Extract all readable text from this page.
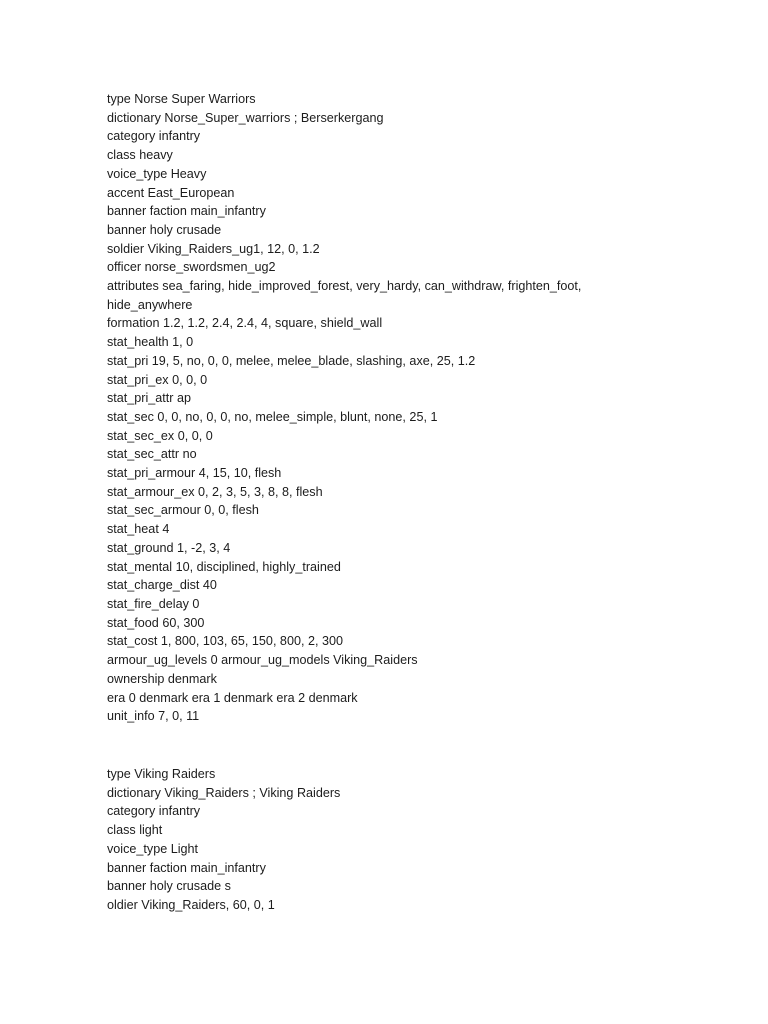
type Norse Super Warriors

dictionary Norse_Super_warriors ; Berserkergang

category infantry

class heavy

voice_type Heavy

accent East_European

banner faction main_infantry

banner holy crusade

soldier Viking_Raiders_ug1, 12, 0, 1.2

officer norse_swordsmen_ug2

attributes sea_faring, hide_improved_forest, very_hardy, can_withdraw, frighten_foot,

hide_anywhere

formation 1.2, 1.2, 2.4, 2.4, 4, square, shield_wall

stat_health 1, 0

stat_pri 19, 5, no, 0, 0, melee, melee_blade, slashing, axe, 25, 1.2

stat_pri_ex 0, 0, 0

stat_pri_attr ap

stat_sec 0, 0, no, 0, 0, no, melee_simple, blunt, none, 25, 1

stat_sec_ex 0, 0, 0

stat_sec_attr no

stat_pri_armour 4, 15, 10, flesh

stat_armour_ex 0, 2, 3, 5, 3, 8, 8, flesh

stat_sec_armour 0, 0, flesh

stat_heat 4

stat_ground 1, -2, 3, 4

stat_mental 10, disciplined, highly_trained

stat_charge_dist 40

stat_fire_delay 0

stat_food 60, 300

stat_cost 1, 800, 103, 65, 150, 800, 2, 300

armour_ug_levels 0 armour_ug_models Viking_Raiders

ownership denmark

era 0 denmark era 1 denmark era 2 denmark

unit_info 7, 0, 11

type Viking Raiders

dictionary Viking_Raiders ; Viking Raiders

category infantry

class light

voice_type Light

banner faction main_infantry

banner holy crusade s

oldier Viking_Raiders, 60, 0, 1
